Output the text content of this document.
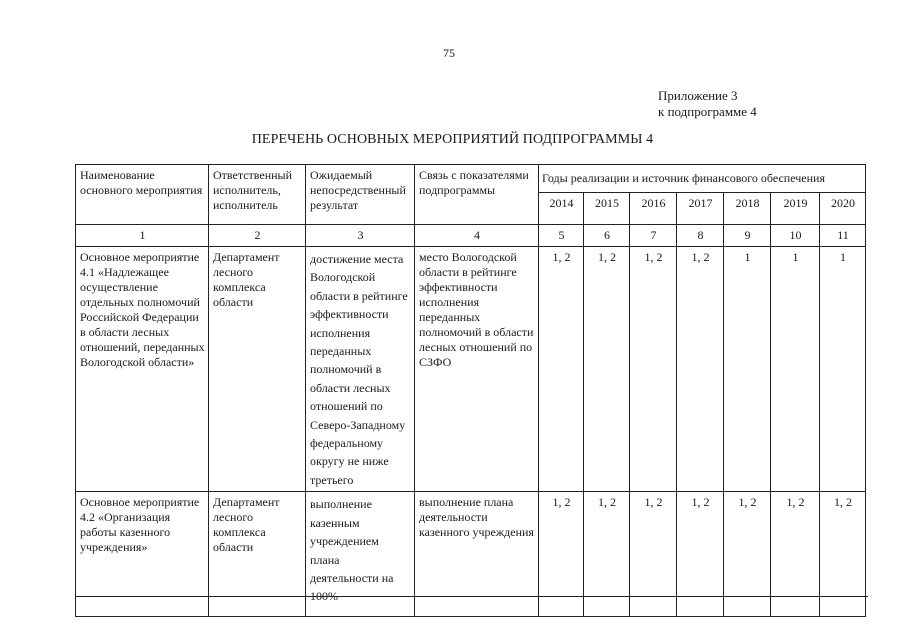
75
Приложение 3
к подпрограмме 4
ПЕРЕЧЕНЬ ОСНОВНЫХ МЕРОПРИЯТИЙ ПОДПРОГРАММЫ 4
Наименование основного мероприятия	Ответственный исполнитель, исполнитель	Ожидаемый непосредственный результат	Связь с показателями подпрограммы	Годы реализации и источник финансового обеспечения						
				2014	2015	2016	2017	2018	2019	2020
1	2	3	4	5	6	7	8	9	10	11
Основное мероприятие 4.1 «Надлежащее осуществление отдельных полномочий Российской Федерации в области лесных отношений, переданных Вологодской области»	Департамент лесного комплекса области	достижение места Вологодской области в рейтинге эффективности исполнения переданных полномочий в области лесных отношений по Северо-Западному федеральному округу не ниже третьего	место Вологодской области в рейтинге эффективности исполнения переданных полномочий в области лесных отношений по СЗФО	1, 2	1, 2	1, 2	1, 2	1	1	1
Основное мероприятие 4.2 «Организация работы казенного учреждения»	Департамент лесного комплекса области	выполнение казенным учреждением плана деятельности на 100%	выполнение плана деятельности казенного учреждения	1, 2	1, 2	1, 2	1, 2	1, 2	1, 2	1, 2
